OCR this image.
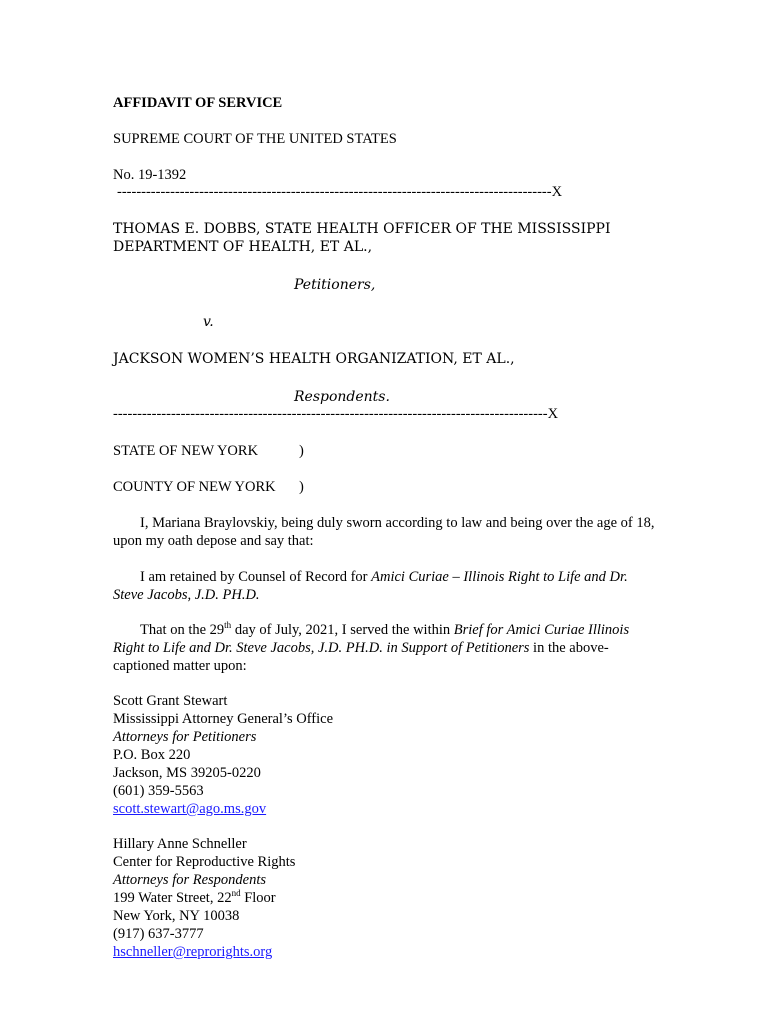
AFFIDAVIT OF SERVICE
SUPREME COURT OF THE UNITED STATES
No. 19-1392
------------------------------------------------------------------------------------------X
THOMAS E. DOBBS, STATE HEALTH OFFICER OF THE MISSISSIPPI
DEPARTMENT OF HEALTH, ET AL.,
Petitioners,
v.
JACKSON WOMEN’S HEALTH ORGANIZATION, ET AL.,
Respondents.
------------------------------------------------------------------------------------------X
STATE OF NEW YORK	)
COUNTY OF NEW YORK )
I, Mariana Braylovskiy, being duly sworn according to law and being over the age of 18, upon my oath depose and say that:
I am retained by Counsel of Record for Amici Curiae – Illinois Right to Life and Dr. Steve Jacobs, J.D. PH.D.
That on the 29th day of July, 2021, I served the within Brief for Amici Curiae Illinois Right to Life and Dr. Steve Jacobs, J.D. PH.D. in Support of Petitioners in the above-captioned matter upon:
Scott Grant Stewart
Mississippi Attorney General’s Office
Attorneys for Petitioners
P.O. Box 220
Jackson, MS 39205-0220
(601) 359-5563
scott.stewart@ago.ms.gov
Hillary Anne Schneller
Center for Reproductive Rights
Attorneys for Respondents
199 Water Street, 22nd Floor
New York, NY 10038
(917) 637-3777
hschneller@reprorights.org
